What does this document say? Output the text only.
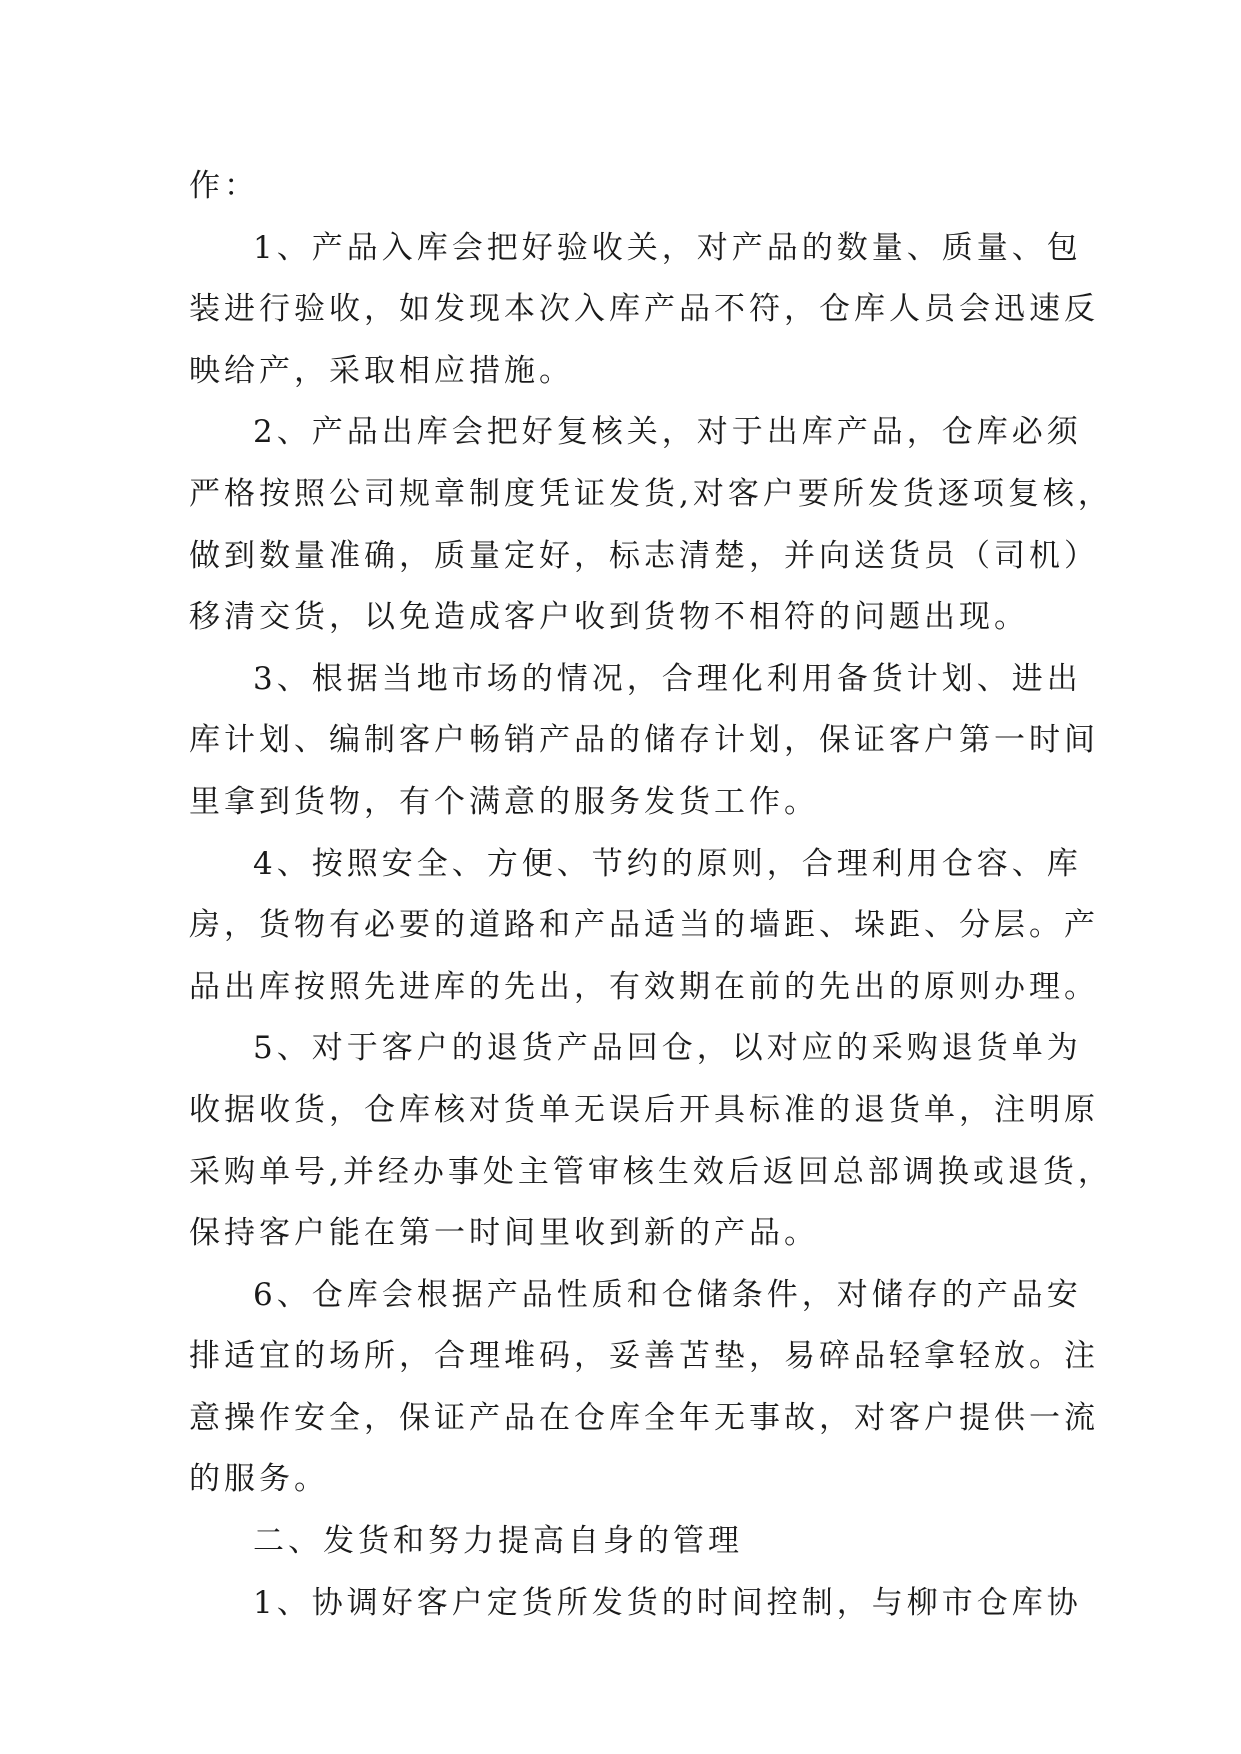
作：
1、产品入库会把好验收关，对产品的数量、质量、包
装进行验收，如发现本次入库产品不符，仓库人员会迅速反
映给产，采取相应措施。
2、产品出库会把好复核关，对于出库产品，仓库必须
严格按照公司规章制度凭证发货,对客户要所发货逐项复核，
做到数量准确，质量定好，标志清楚，并向送货员（司机）
移清交货，以免造成客户收到货物不相符的问题出现。
3、根据当地市场的情况，合理化利用备货计划、进出
库计划、编制客户畅销产品的储存计划，保证客户第一时间
里拿到货物，有个满意的服务发货工作。
4、按照安全、方便、节约的原则，合理利用仓容、库
房，货物有必要的道路和产品适当的墙距、垛距、分层。产
品出库按照先进库的先出，有效期在前的先出的原则办理。
5、对于客户的退货产品回仓，以对应的采购退货单为
收据收货，仓库核对货单无误后开具标准的退货单，注明原
采购单号,并经办事处主管审核生效后返回总部调换或退货，
保持客户能在第一时间里收到新的产品。
6、仓库会根据产品性质和仓储条件，对储存的产品安
排适宜的场所，合理堆码，妥善苫垫，易碎品轻拿轻放。注
意操作安全，保证产品在仓库全年无事故，对客户提供一流
的服务。
二、发货和努力提高自身的管理
1、协调好客户定货所发货的时间控制，与柳市仓库协
